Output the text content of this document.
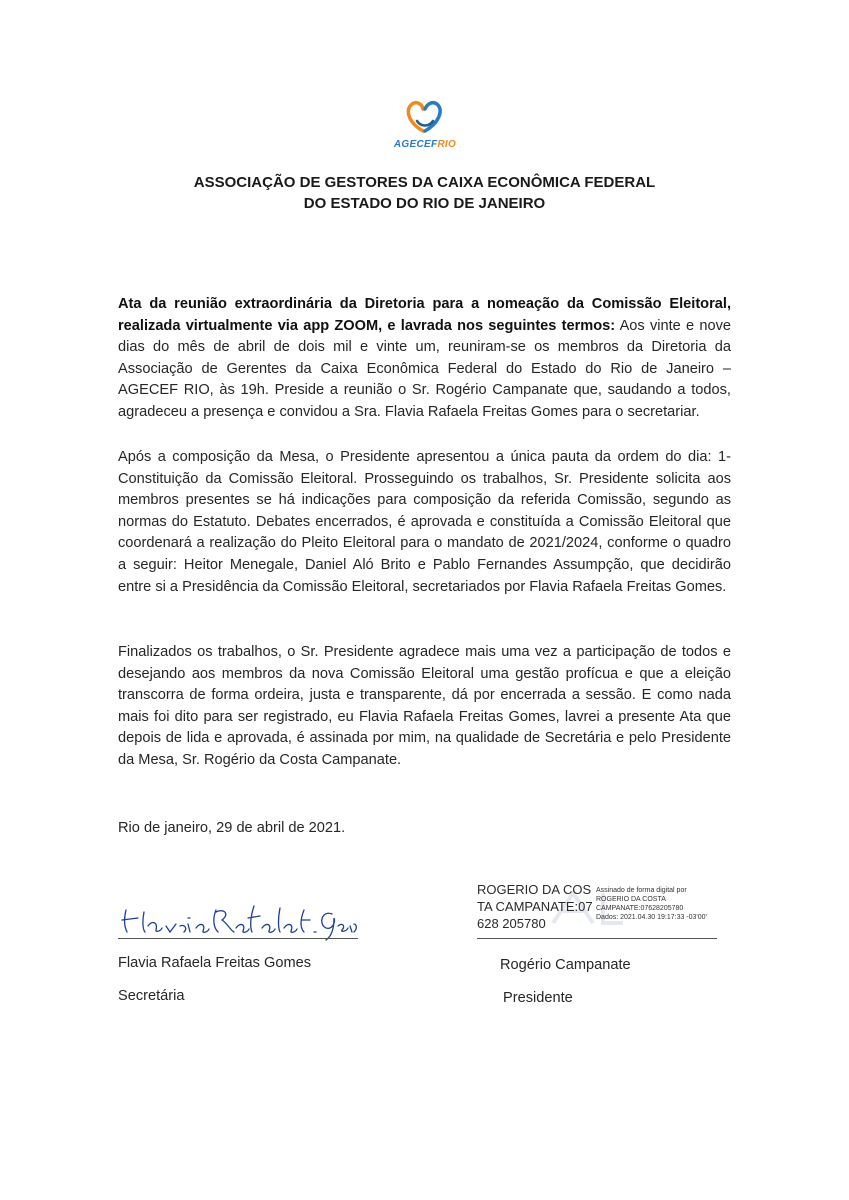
AGECEFRIO
ASSOCIAÇÃO DE GESTORES DA CAIXA ECONÔMICA FEDERAL
DO ESTADO DO RIO DE JANEIRO
Ata da reunião extraordinária da Diretoria para a nomeação da Comissão Eleitoral, realizada virtualmente via app ZOOM, e lavrada nos seguintes termos: Aos vinte e nove dias do mês de abril de dois mil e vinte um, reuniram-se os membros da Diretoria da Associação de Gerentes da Caixa Econômica Federal do Estado do Rio de Janeiro – AGECEF RIO, às 19h. Preside a reunião o Sr. Rogério Campanate que, saudando a todos, agradeceu a presença e convidou a Sra. Flavia Rafaela Freitas Gomes para o secretariar.
Após a composição da Mesa, o Presidente apresentou a única pauta da ordem do dia: 1-Constituição da Comissão Eleitoral. Prosseguindo os trabalhos, Sr. Presidente solicita aos membros presentes se há indicações para composição da referida Comissão, segundo as normas do Estatuto. Debates encerrados, é aprovada e constituída a Comissão Eleitoral que coordenará a realização do Pleito Eleitoral para o mandato de 2021/2024, conforme o quadro a seguir: Heitor Menegale, Daniel Aló Brito e Pablo Fernandes Assumpção, que decidirão entre si a Presidência da Comissão Eleitoral, secretariados por Flavia Rafaela Freitas Gomes.
Finalizados os trabalhos, o Sr. Presidente agradece mais uma vez a participação de todos e desejando aos membros da nova Comissão Eleitoral uma gestão profícua e que a eleição transcorra de forma ordeira, justa e transparente, dá por encerrada a sessão. E como nada mais foi dito para ser registrado, eu Flavia Rafaela Freitas Gomes, lavrei a presente Ata que depois de lida e aprovada, é assinada por mim, na qualidade de Secretária e pelo Presidente da Mesa, Sr. Rogério da Costa Campanate.
Rio de janeiro, 29 de abril de 2021.
Flavia Rafaela Freitas Gomes
Secretária
ROGERIO DA COSTA CAMPANATE:07628 205780
Assinado de forma digital por
ROGERIO DA COSTA
CAMPANATE:07628205780
Dados: 2021.04.30 19:17:33 -03'00'
Rogério Campanate
Presidente
